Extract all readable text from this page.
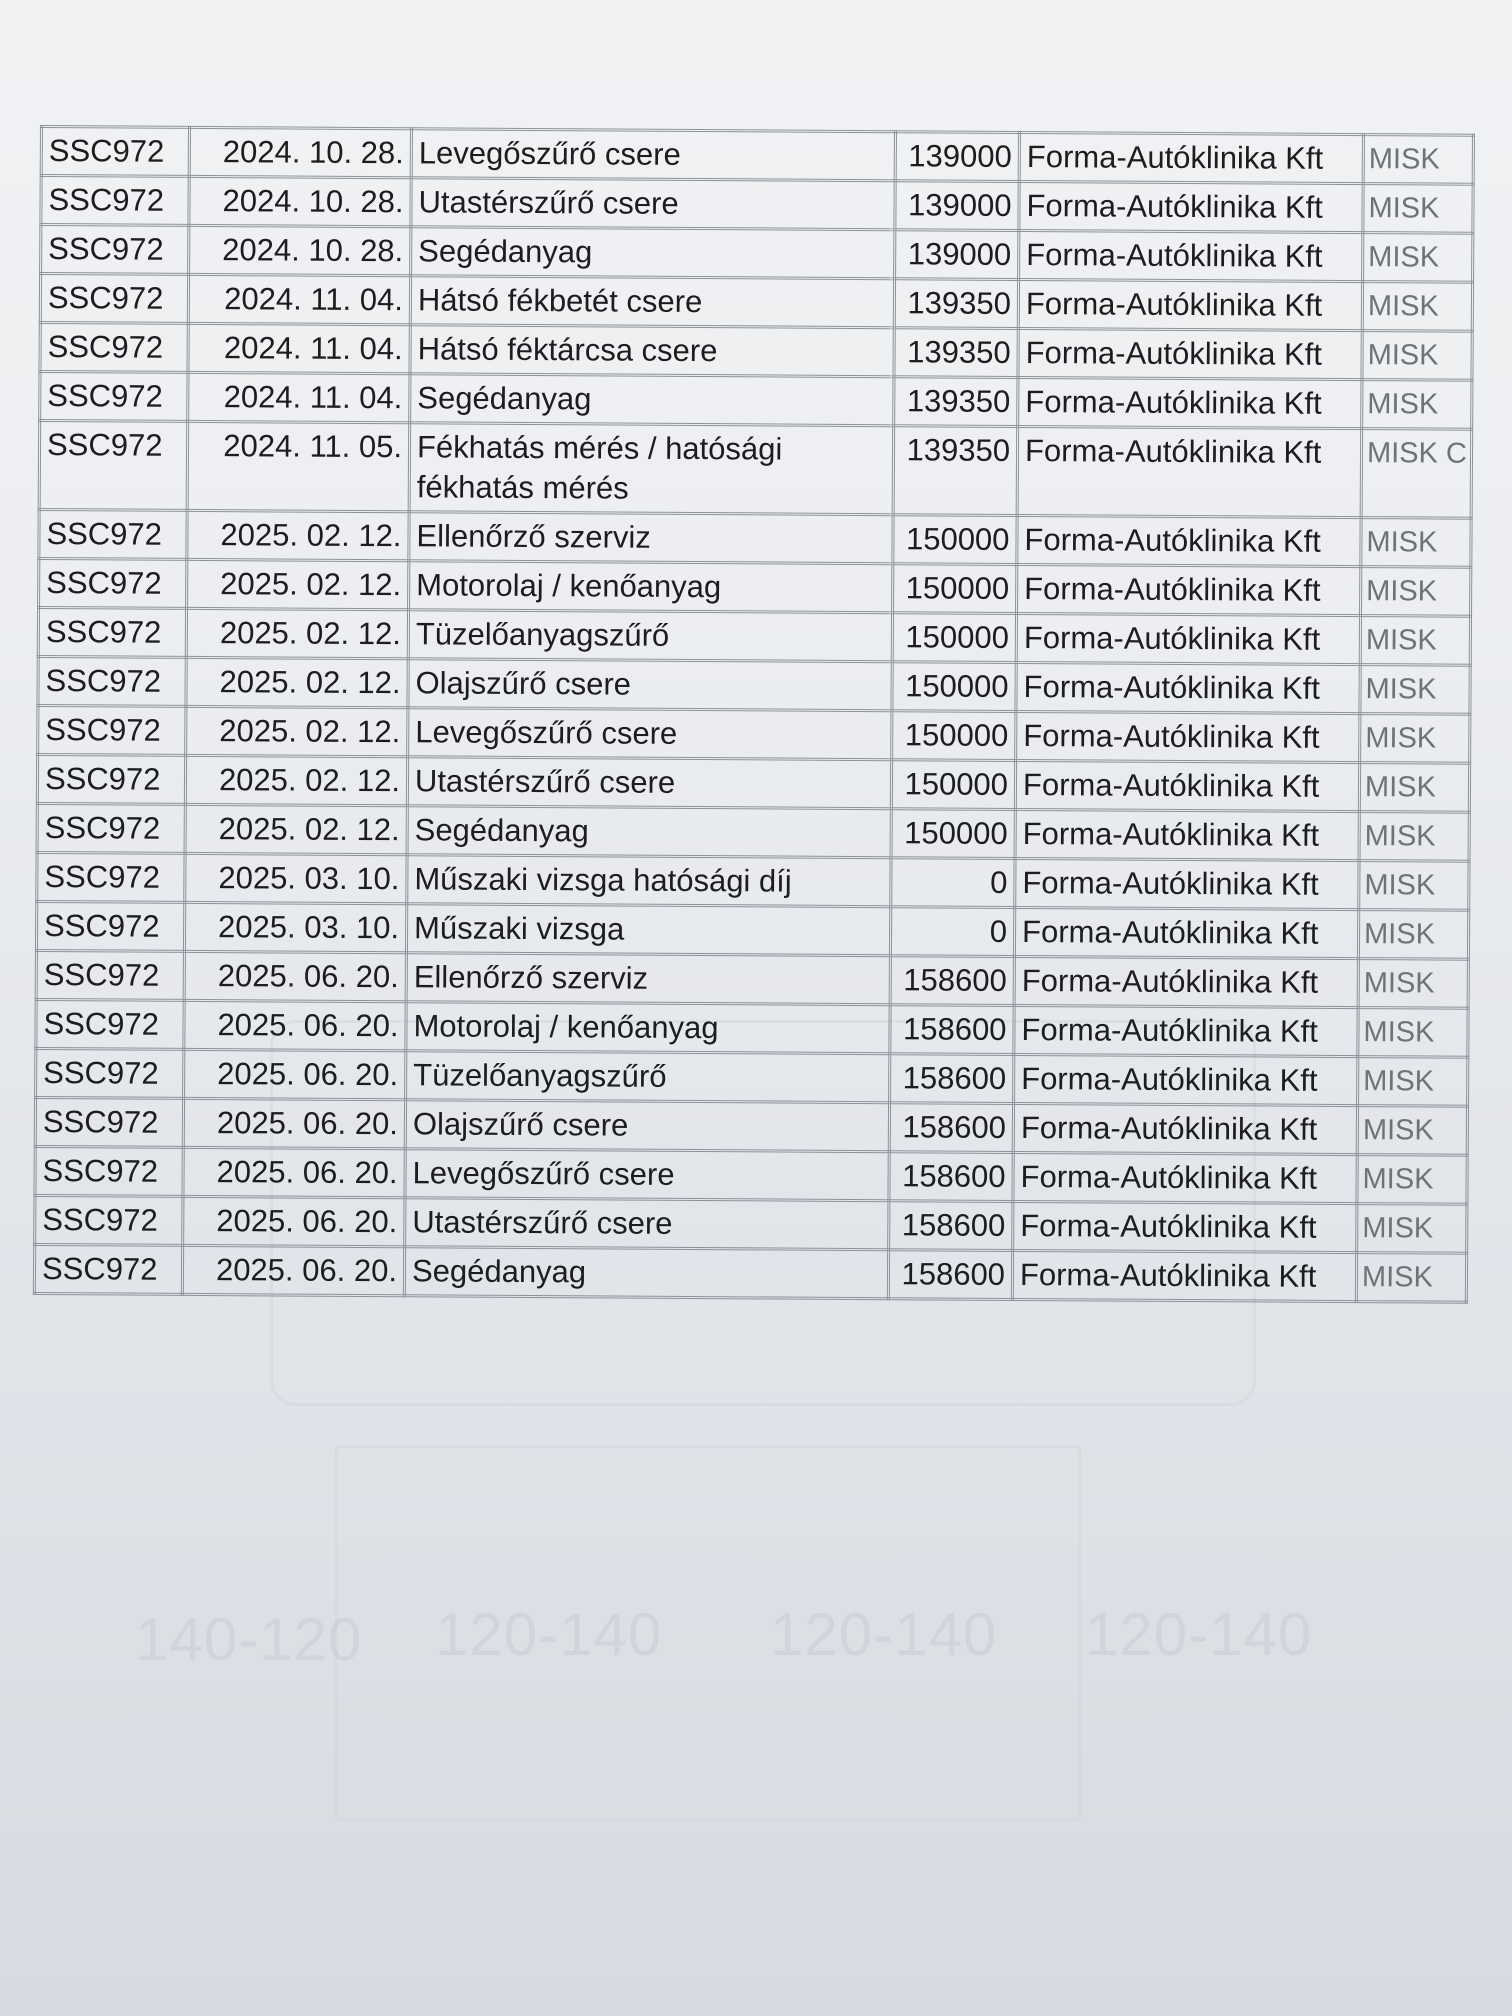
140-120 120-140 120-140 120-140
SSC972	2024. 10. 28.	Levegőszűrő csere	139000	Forma-Autóklinika Kft	MISK
SSC972	2024. 10. 28.	Utastérszűrő csere	139000	Forma-Autóklinika Kft	MISK
SSC972	2024. 10. 28.	Segédanyag	139000	Forma-Autóklinika Kft	MISK
SSC972	2024. 11. 04.	Hátsó fékbetét csere	139350	Forma-Autóklinika Kft	MISK
SSC972	2024. 11. 04.	Hátsó féktárcsa csere	139350	Forma-Autóklinika Kft	MISK
SSC972	2024. 11. 04.	Segédanyag	139350	Forma-Autóklinika Kft	MISK
SSC972	2024. 11. 05.	Fékhatás mérés / hatósági fékhatás mérés	139350	Forma-Autóklinika Kft	MISK C
SSC972	2025. 02. 12.	Ellenőrző szerviz	150000	Forma-Autóklinika Kft	MISK
SSC972	2025. 02. 12.	Motorolaj / kenőanyag	150000	Forma-Autóklinika Kft	MISK
SSC972	2025. 02. 12.	Tüzelőanyagszűrő	150000	Forma-Autóklinika Kft	MISK
SSC972	2025. 02. 12.	Olajszűrő csere	150000	Forma-Autóklinika Kft	MISK
SSC972	2025. 02. 12.	Levegőszűrő csere	150000	Forma-Autóklinika Kft	MISK
SSC972	2025. 02. 12.	Utastérszűrő csere	150000	Forma-Autóklinika Kft	MISK
SSC972	2025. 02. 12.	Segédanyag	150000	Forma-Autóklinika Kft	MISK
SSC972	2025. 03. 10.	Műszaki vizsga hatósági díj	0	Forma-Autóklinika Kft	MISK
SSC972	2025. 03. 10.	Műszaki vizsga	0	Forma-Autóklinika Kft	MISK
SSC972	2025. 06. 20.	Ellenőrző szerviz	158600	Forma-Autóklinika Kft	MISK
SSC972	2025. 06. 20.	Motorolaj / kenőanyag	158600	Forma-Autóklinika Kft	MISK
SSC972	2025. 06. 20.	Tüzelőanyagszűrő	158600	Forma-Autóklinika Kft	MISK
SSC972	2025. 06. 20.	Olajszűrő csere	158600	Forma-Autóklinika Kft	MISK
SSC972	2025. 06. 20.	Levegőszűrő csere	158600	Forma-Autóklinika Kft	MISK
SSC972	2025. 06. 20.	Utastérszűrő csere	158600	Forma-Autóklinika Kft	MISK
SSC972	2025. 06. 20.	Segédanyag	158600	Forma-Autóklinika Kft	MISK
